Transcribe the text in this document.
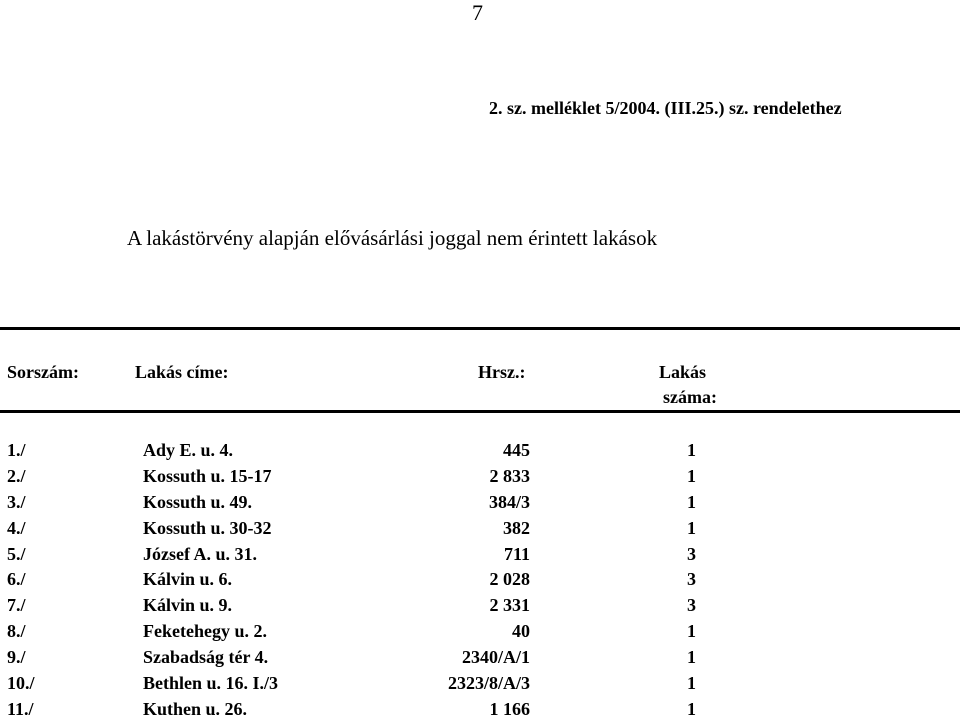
7
2. sz. melléklet 5/2004. (III.25.) sz. rendelethez
A lakástörvény alapján elővásárlási joggal nem érintett lakások
Sorszám:	Lakás címe:	Hrsz.:	Lakás
száma:
1./	Ady E. u. 4.	445	1
2./	Kossuth u. 15-17	2 833	1
3./	Kossuth u. 49.	384/3	1
4./	Kossuth u. 30-32	382	1
5./	József A. u. 31.	711	3
6./	Kálvin u. 6.	2 028	3
7./	Kálvin u. 9.	2 331	3
8./	Feketehegy u. 2.	40	1
9./	Szabadság tér 4.	2340/A/1	1
10./	Bethlen u. 16. I./3	2323/8/A/3	1
11./	Kuthen u. 26.	1 166	1
